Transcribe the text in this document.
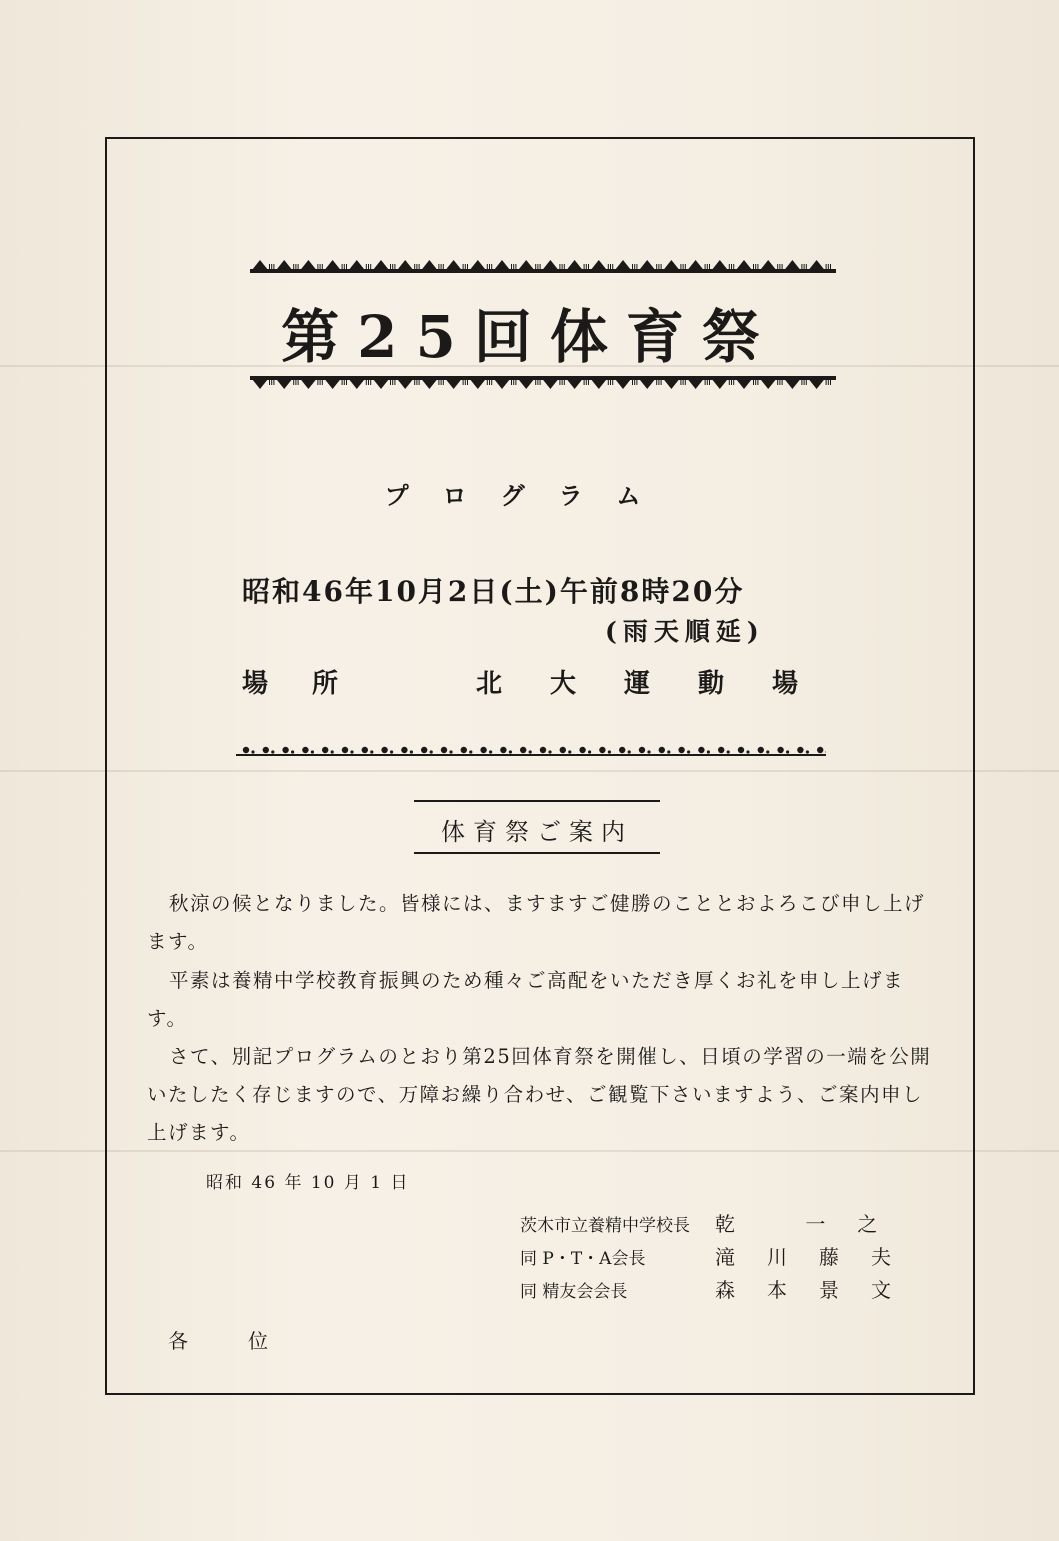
第25回体育祭
プログラム
昭和46年10月2日(土)午前8時20分
(雨天順延)
場所	北大運動場
体育祭ご案内

秋涼の候となりました。皆様には、ますますご健勝のこととおよろこび申し上げます。

平素は養精中学校教育振興のため種々ご高配をいただき厚くお礼を申し上げます。

さて、別記プログラムのとおり第25回体育祭を開催し、日頃の学習の一端を公開いたしたく存じますので、万障お繰り合わせ、ご観覧下さいますよう、ご案内申し上げます。

昭和 46 年 10 月 1 日
茨木市立養精中学校長 乾 一之
同 P・T・A会長	滝川藤夫
同 精友会会長	森本景文
各位
